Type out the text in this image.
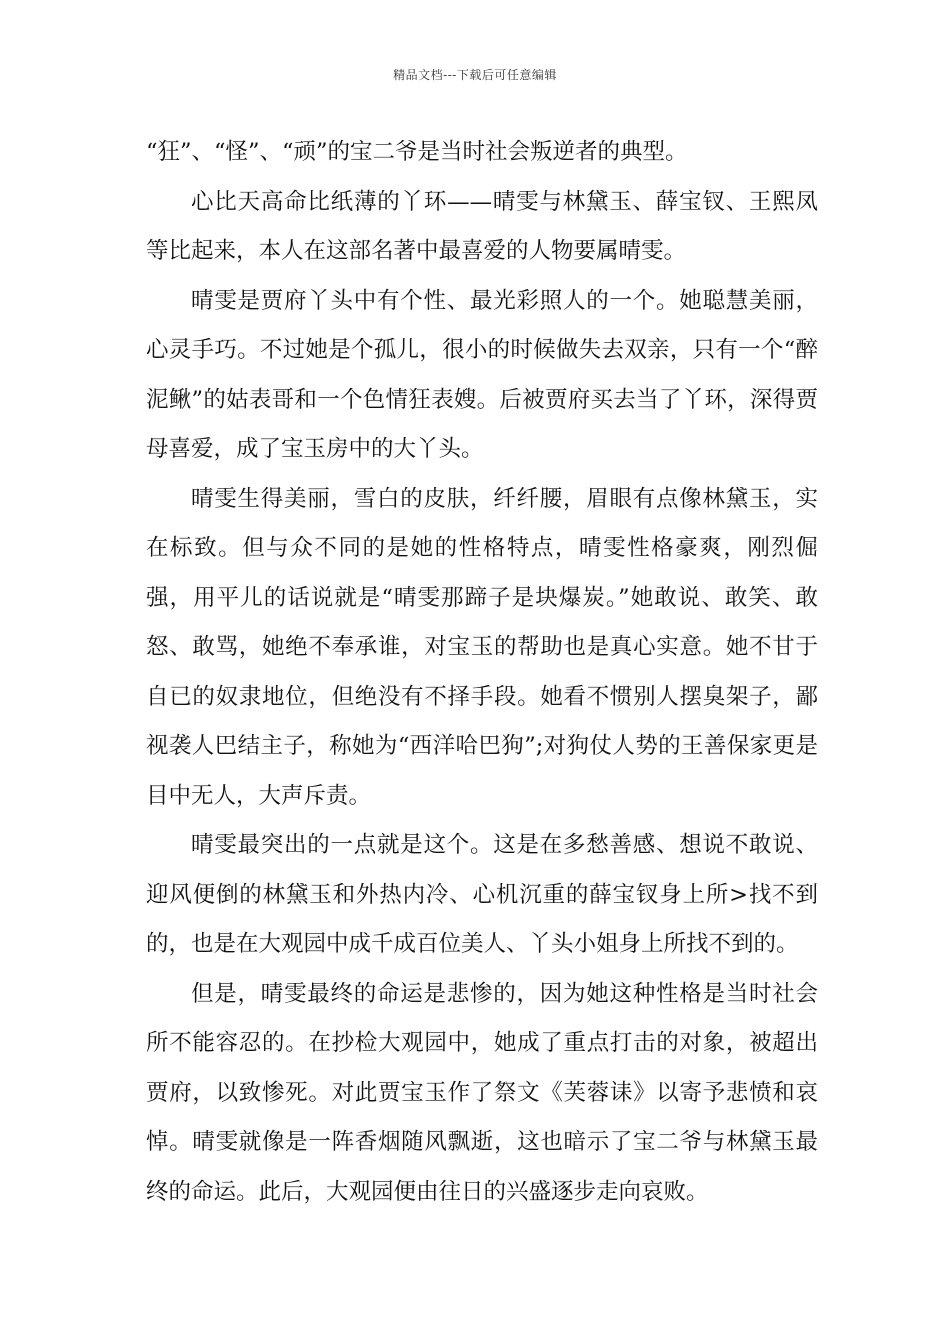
精品文档---下载后可任意编辑

“狂”、“怪”、“顽”的宝二爷是当时社会叛逆者的典型。

心比天高命比纸薄的丫环——晴雯与林黛玉、薛宝钗、王熙凤等比起来，本人在这部名著中最喜爱的人物要属晴雯。

晴雯是贾府丫头中有个性、最光彩照人的一个。她聪慧美丽，心灵手巧。不过她是个孤儿，很小的时候做失去双亲，只有一个“醉泥鳅”的姑表哥和一个色情狂表嫂。后被贾府买去当了丫环，深得贾母喜爱，成了宝玉房中的大丫头。

晴雯生得美丽，雪白的皮肤，纤纤腰，眉眼有点像林黛玉，实在标致。但与众不同的是她的性格特点，晴雯性格豪爽，刚烈倔强，用平儿的话说就是“晴雯那蹄子是块爆炭。”她敢说、敢笑、敢怒、敢骂，她绝不奉承谁，对宝玉的帮助也是真心实意。她不甘于自已的奴隶地位，但绝没有不择手段。她看不惯别人摆臭架子，鄙视袭人巴结主子，称她为“西洋哈巴狗”;对狗仗人势的王善保家更是目中无人，大声斥责。

晴雯最突出的一点就是这个。这是在多愁善感、想说不敢说、迎风便倒的林黛玉和外热内冷、心机沉重的薛宝钗身上所>找不到的，也是在大观园中成千成百位美人、丫头小姐身上所找不到的。

但是，晴雯最终的命运是悲惨的，因为她这种性格是当时社会所不能容忍的。在抄检大观园中，她成了重点打击的对象，被超出贾府，以致惨死。对此贾宝玉作了祭文《芙蓉诔》以寄予悲愤和哀悼。晴雯就像是一阵香烟随风飘逝，这也暗示了宝二爷与林黛玉最终的命运。此后，大观园便由往日的兴盛逐步走向哀败。
